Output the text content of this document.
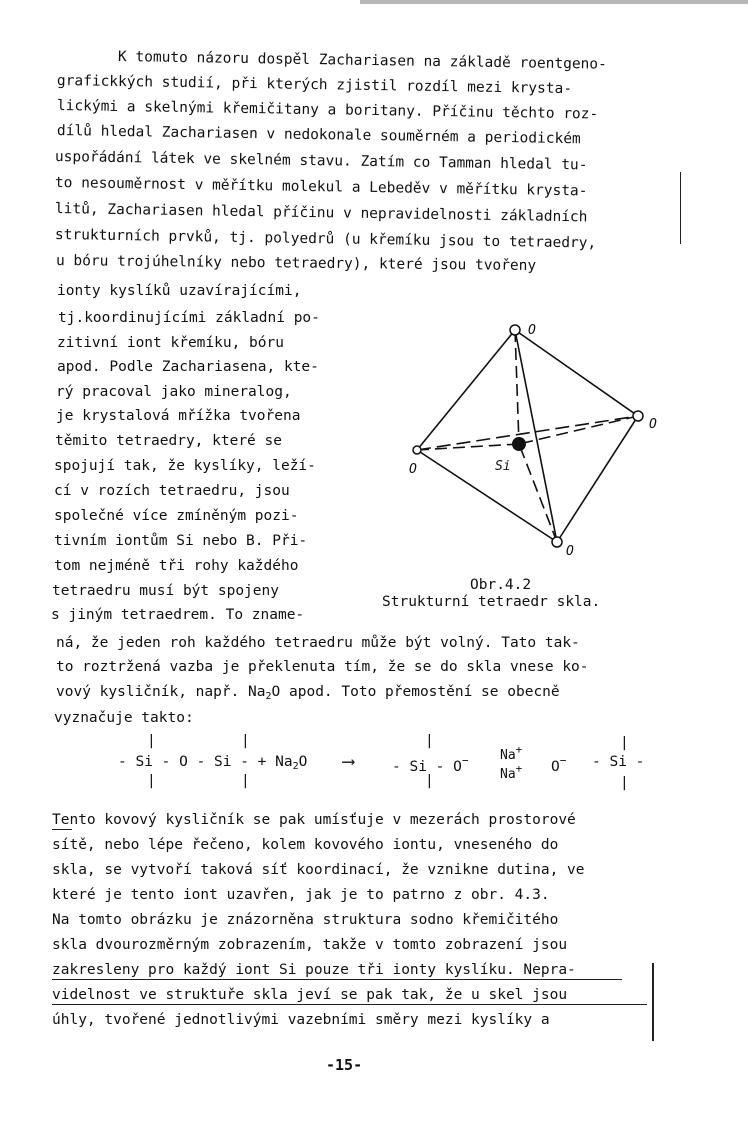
K tomuto názoru dospěl Zachariasen na základě roentgeno-
grafickkých studií, při kterých zjistil rozdíl mezi krysta-
lickými a skelnými křemičitany a boritany. Příčinu těchto roz-
dílů hledal Zachariasen v nedokonale souměrném a periodickém
uspořádání látek ve skelném stavu. Zatím co Tamman hledal tu-
to nesouměrnost v měřítku molekul a Lebeděv v měřítku krysta-
litů, Zachariasen hledal příčinu v nepravidelnosti základních
strukturních prvků, tj. polyedrů (u křemíku jsou to tetraedry,
u bóru trojúhelníky nebo tetraedry), které jsou tvořeny
ionty kyslíků uzavírajícími,
tj.koordinujícími základní po-
zitivní iont křemíku, bóru
apod. Podle Zachariasena, kte-
rý pracoval jako mineralog,
je krystalová mřížka tvořena
těmito tetraedry, které se
spojují tak, že kyslíky, leží-
cí v rozích tetraedru, jsou
společné více zmíněným pozi-
tivním iontům Si nebo B. Při-
tom nejméně tři rohy každého
tetraedru musí být spojeny
s jiným tetraedrem. To zname-
O
O
O
O
Si
Obr.4.2
Strukturní tetraedr skla.
ná, že jeden roh každého tetraedru může být volný. Tato tak-
to roztržená vazba je překlenuta tím, že se do skla vnese ko-
vový kysličník, např. $Na_2O$ apod. Toto přemostění se obecně
vyznačuje takto:
|	|	|	|
- Si - O - Si - + $Na_2O$ ⟶	- Si - O− Na+
Na+ O− - Si -
|	|	|	|
Tento kovový kysličník se pak umísťuje v mezerách prostorové
sítě, nebo lépe řečeno, kolem kovového iontu, vneseného do
skla, se vytvoří taková síť koordinací, že vznikne dutina, ve
které je tento iont uzavřen, jak je to patrno z obr. 4.3.
Na tomto obrázku je znázorněna struktura sodno křemičitého
skla dvourozměrným zobrazením, takže v tomto zobrazení jsou
zakresleny pro každý iont Si pouze tři ionty kyslíku. Nepra-
videlnost ve struktuře skla jeví se pak tak, že u skel jsou
úhly, tvořené jednotlivými vazebními směry mezi kyslíky a
-15-
